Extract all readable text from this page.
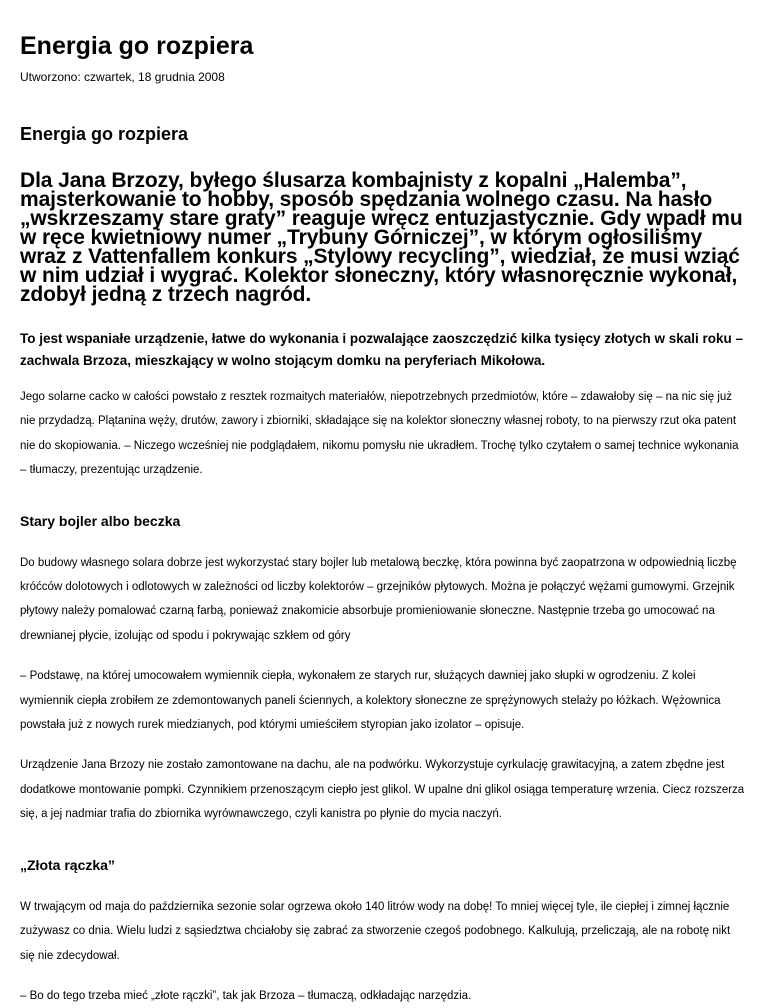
Energia go rozpiera
Utworzono: czwartek, 18 grudnia 2008
Energia go rozpiera
Dla Jana Brzozy, byłego ślusarza kombajnisty z kopalni „Halemba”, majsterkowanie to hobby, sposób spędzania wolnego czasu. Na hasło „wskrzeszamy stare graty” reaguje wręcz entuzjastycznie. Gdy wpadł mu w ręce kwietniowy numer „Trybuny Górniczej”, w którym ogłosiliśmy wraz z Vattenfallem konkurs „Stylowy recycling”, wiedział, że musi wziąć w nim udział i wygrać. Kolektor słoneczny, który własnoręcznie wykonał, zdobył jedną z trzech nagród.
To jest wspaniałe urządzenie, łatwe do wykonania i pozwalające zaoszczędzić kilka tysięcy złotych w skali roku – zachwala Brzoza, mieszkający w wolno stojącym domku na peryferiach Mikołowa.
Jego solarne cacko w całości powstało z resztek rozmaitych materiałów, niepotrzebnych przedmiotów, które – zdawałoby się – na nic się już nie przydadzą. Plątanina węży, drutów, zawory i zbiorniki, składające się na kolektor słoneczny własnej roboty, to na pierwszy rzut oka patent nie do skopiowania. – Niczego wcześniej nie podglądałem, nikomu pomysłu nie ukradłem. Trochę tylko czytałem o samej technice wykonania – tłumaczy, prezentując urządzenie.
Stary bojler albo beczka
Do budowy własnego solara dobrze jest wykorzystać stary bojler lub metalową beczkę, która powinna być zaopatrzona w odpowiednią liczbę króćców dolotowych i odlotowych w zależności od liczby kolektorów – grzejników płytowych. Można je połączyć wężami gumowymi. Grzejnik płytowy należy pomalować czarną farbą, ponieważ znakomicie absorbuje promieniowanie słoneczne. Następnie trzeba go umocować na drewnianej płycie, izolując od spodu i pokrywając szkłem od góry
– Podstawę, na której umocowałem wymiennik ciepła, wykonałem ze starych rur, służących dawniej jako słupki w ogrodzeniu. Z kolei wymiennik ciepła zrobiłem ze zdemontowanych paneli ściennych, a kolektory słoneczne ze sprężynowych stelaży po łóżkach. Wężownica powstała już z nowych rurek miedzianych, pod którymi umieściłem styropian jako izolator – opisuje.
Urządzenie Jana Brzozy nie zostało zamontowane na dachu, ale na podwórku. Wykorzystuje cyrkulację grawitacyjną, a zatem zbędne jest dodatkowe montowanie pompki. Czynnikiem przenoszącym ciepło jest glikol. W upalne dni glikol osiąga temperaturę wrzenia. Ciecz rozszerza się, a jej nadmiar trafia do zbiornika wyrównawczego, czyli kanistra po płynie do mycia naczyń.
„Złota rączka”
W trwającym od maja do października sezonie solar ogrzewa około 140 litrów wody na dobę! To mniej więcej tyle, ile ciepłej i zimnej łącznie zużywasz co dnia. Wielu ludzi z sąsiedztwa chciałoby się zabrać za stworzenie czegoś podobnego. Kalkulują, przeliczają, ale na robotę nikt się nie zdecydował.
– Bo do tego trzeba mieć „złote rączki”, tak jak Brzoza – tłumaczą, odkładając narzędzia.
